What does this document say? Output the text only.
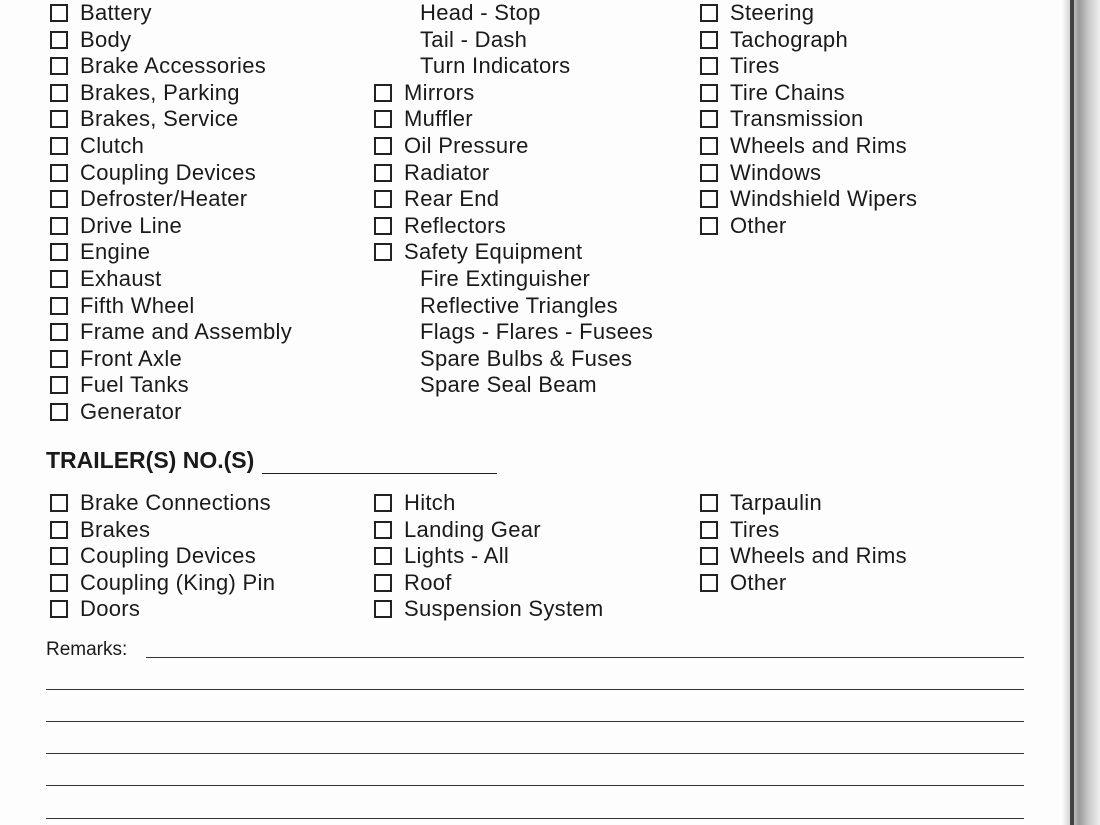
Battery
Body
Brake Accessories
Brakes, Parking
Brakes, Service
Clutch
Coupling Devices
Defroster/Heater
Drive Line
Engine
Exhaust
Fifth Wheel
Frame and Assembly
Front Axle
Fuel Tanks
Generator
Head - Stop
Tail - Dash
Turn Indicators
Mirrors
Muffler
Oil Pressure
Radiator
Rear End
Reflectors
Safety Equipment
Fire Extinguisher
Reflective Triangles
Flags - Flares - Fusees
Spare Bulbs & Fuses
Spare Seal Beam
Steering
Tachograph
Tires
Tire Chains
Transmission
Wheels and Rims
Windows
Windshield Wipers
Other
TRAILER(S) NO.(S)
Brake Connections
Brakes
Coupling Devices
Coupling (King) Pin
Doors
Hitch
Landing Gear
Lights - All
Roof
Suspension System
Tarpaulin
Tires
Wheels and Rims
Other
Remarks:
